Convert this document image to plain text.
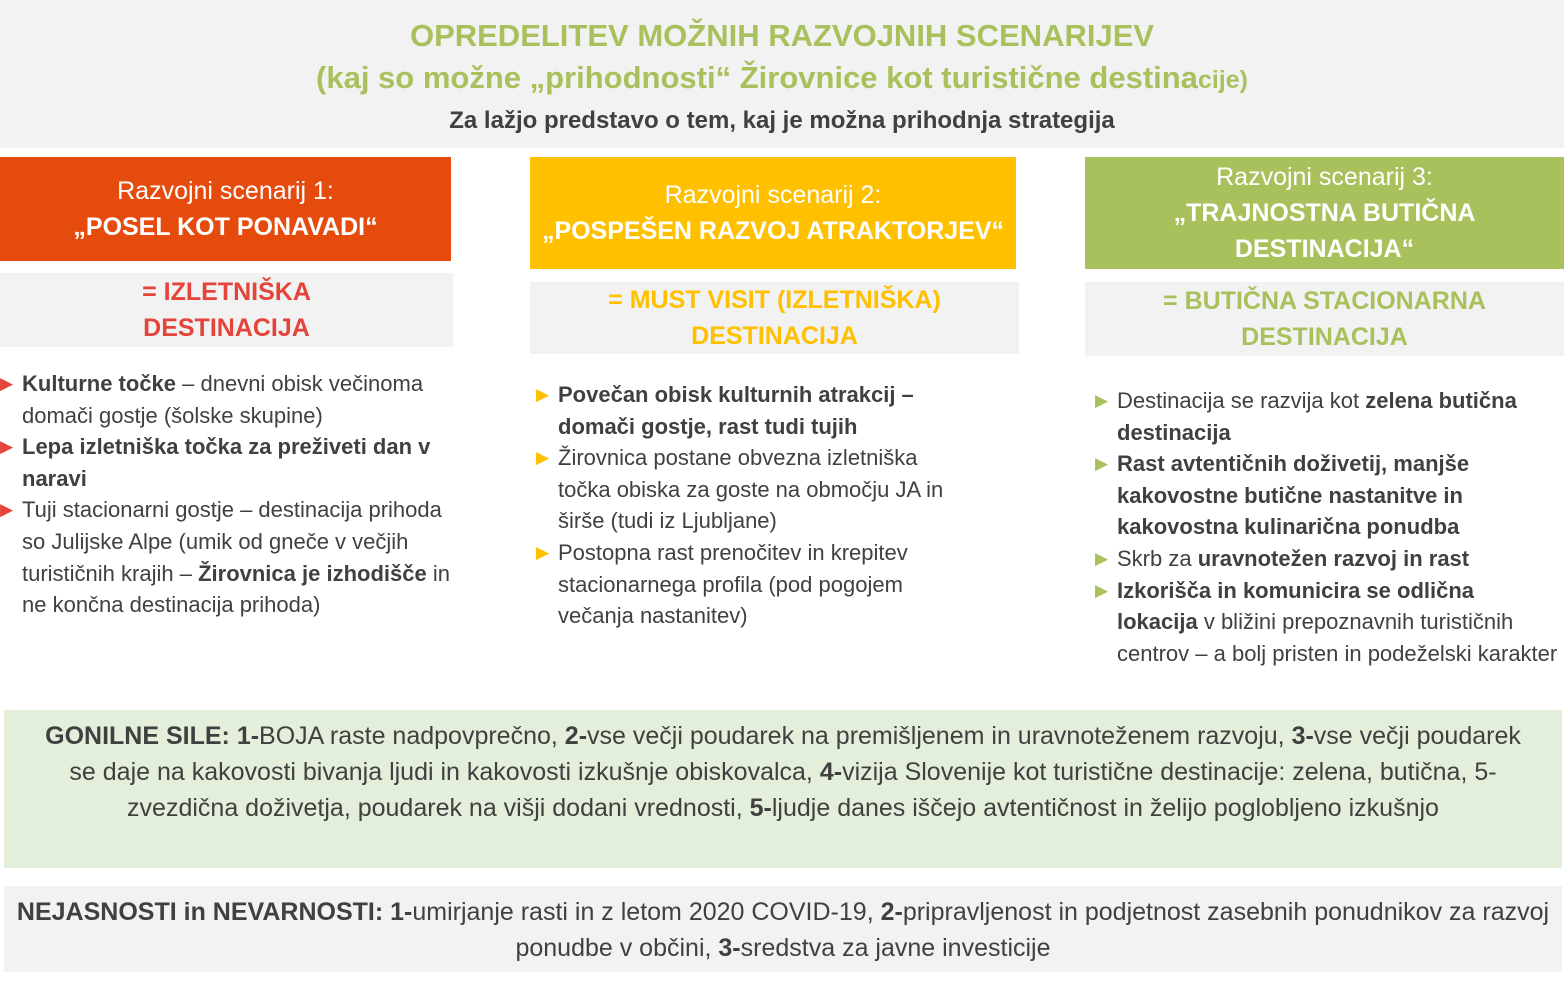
OPREDELITEV MOŽNIH RAZVOJNIH SCENARIJEV
(kaj so možne „prihodnosti“ Žirovnice kot turistične destinacije)
Za lažjo predstavo o tem, kaj je možna prihodnja strategija
Razvojni scenarij 1:
„POSEL KOT PONAVADI“
= IZLETNIŠKA
DESTINACIJA
▶ Kulturne točke – dnevni obisk večinoma domači gostje (šolske skupine)
▶ Lepa izletniška točka za preživeti dan v naravi
▶ Tuji stacionarni gostje – destinacija prihoda so Julijske Alpe (umik od gneče v večjih turističnih krajih – Žirovnica je izhodišče in ne končna destinacija prihoda)
Razvojni scenarij 2:
„POSPEŠEN RAZVOJ ATRAKTORJEV“
= MUST VISIT (IZLETNIŠKA)
DESTINACIJA
▶ Povečan obisk kulturnih atrakcij – domači gostje, rast tudi tujih
▶ Žirovnica postane obvezna izletniška točka obiska za goste na območju JA in širše (tudi iz Ljubljane)
▶ Postopna rast prenočitev in krepitev stacionarnega profila (pod pogojem večanja nastanitev)
Razvojni scenarij 3:
„TRAJNOSTNA BUTIČNA
DESTINACIJA“
= BUTIČNA STACIONARNA
DESTINACIJA
▶ Destinacija se razvija kot zelena butična destinacija
▶ Rast avtentičnih doživetij, manjše kakovostne butične nastanitve in kakovostna kulinarična ponudba
▶ Skrb za uravnotežen razvoj in rast
▶ Izkorišča in komunicira se odlična lokacija v bližini prepoznavnih turističnih centrov – a bolj pristen in podeželski karakter
GONILNE SILE: 1-BOJA raste nadpovprečno, 2-vse večji poudarek na premišljenem in uravnoteženem razvoju, 3-vse večji poudarek se daje na kakovosti bivanja ljudi in kakovosti izkušnje obiskovalca, 4-vizija Slovenije kot turistične destinacije: zelena, butična, 5-zvezdična doživetja, poudarek na višji dodani vrednosti, 5-ljudje danes iščejo avtentičnost in želijo poglobljeno izkušnjo
NEJASNOSTI in NEVARNOSTI: 1-umirjanje rasti in z letom 2020 COVID-19, 2-pripravljenost in podjetnost zasebnih ponudnikov za razvoj ponudbe v občini, 3-sredstva za javne investicije
